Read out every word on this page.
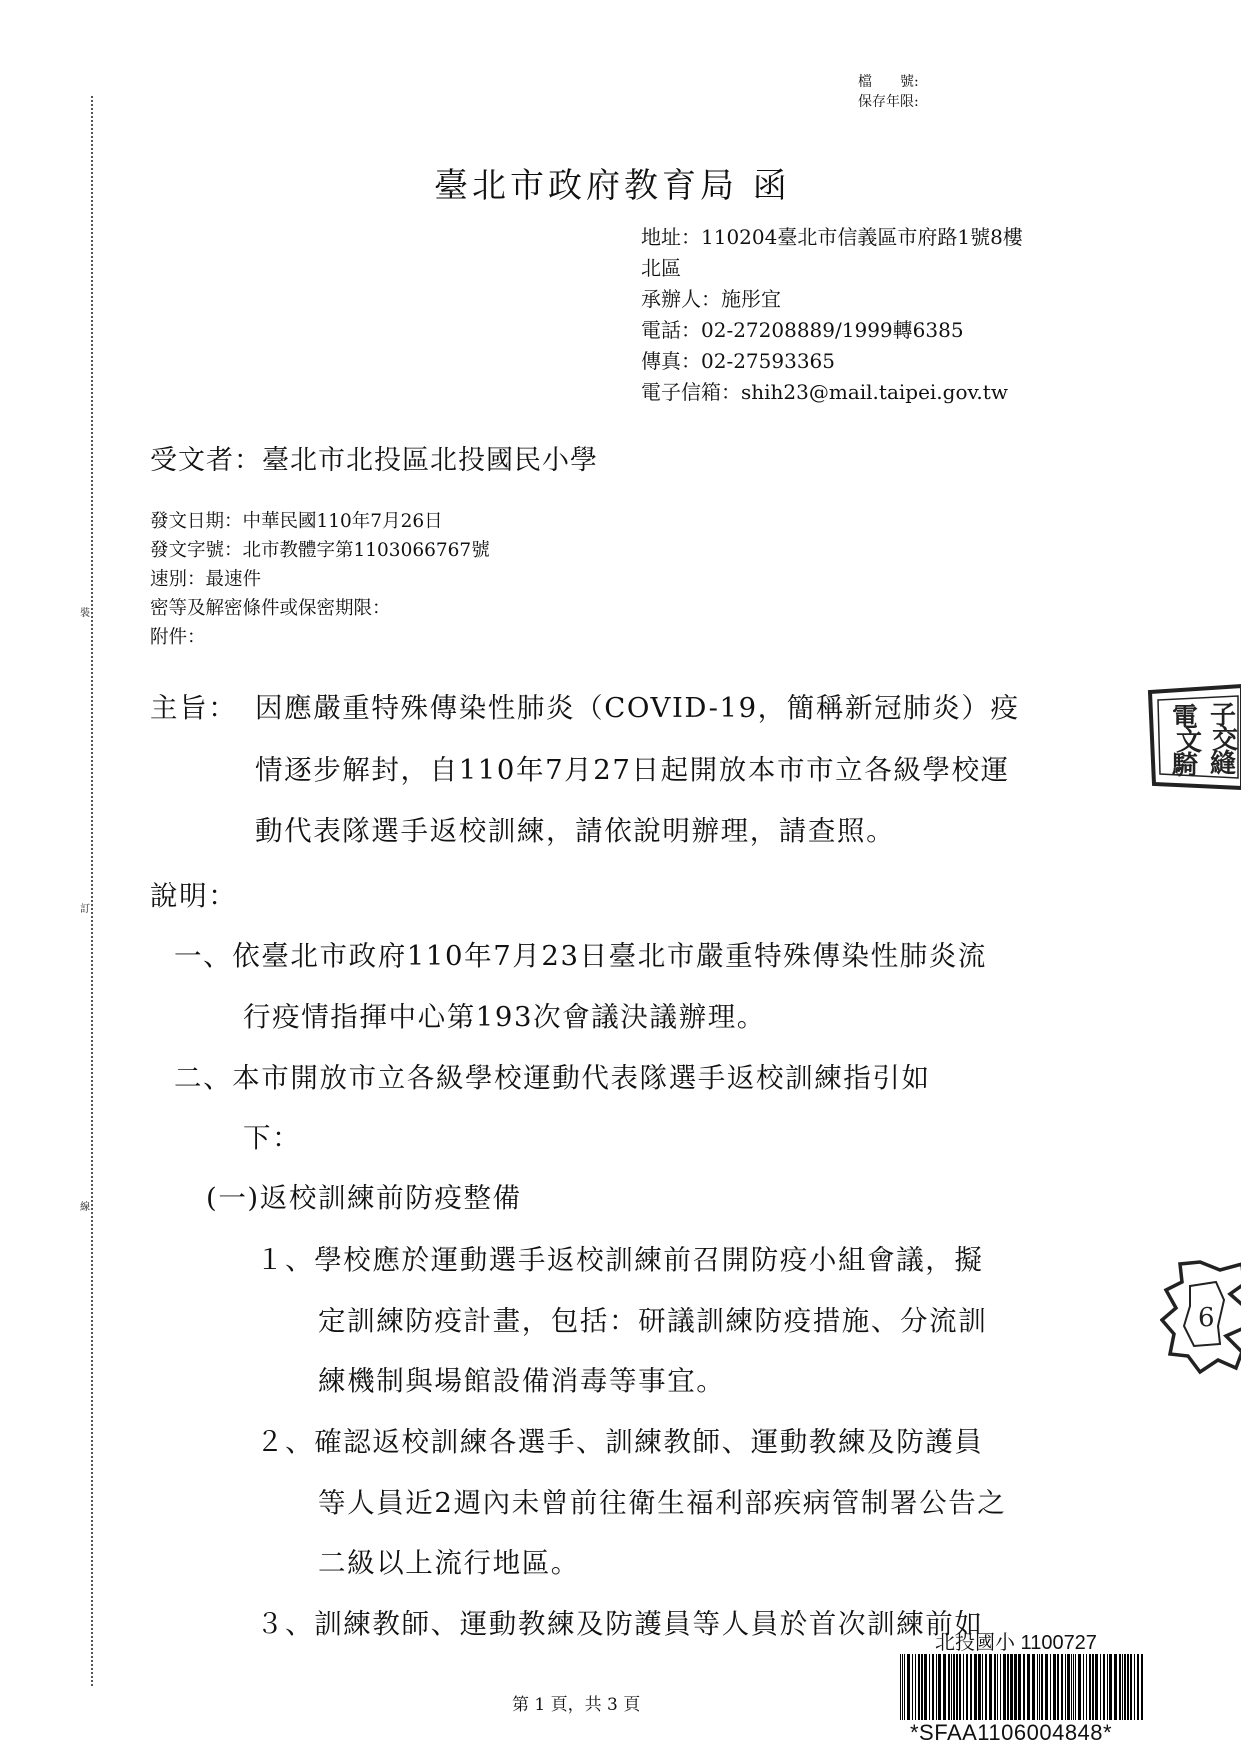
裝
訂
線
檔　　號:
保存年限:
臺北市政府教育局 函
地址：110204臺北市信義區市府路1號8樓
北區
承辦人：施彤宜
電話：02-27208889/1999轉6385
傳真：02-27593365
電子信箱：shih23@mail.taipei.gov.tw
受文者：臺北市北投區北投國民小學
發文日期：中華民國110年7月26日
發文字號：北市教體字第1103066767號
速別：最速件
密等及解密條件或保密期限：
附件：
主旨： 因應嚴重特殊傳染性肺炎（COVID-19，簡稱新冠肺炎）疫
情逐步解封，自110年7月27日起開放本市市立各級學校運
動代表隊選手返校訓練，請依說明辦理，請查照。
說明：
一、依臺北市政府110年7月23日臺北市嚴重特殊傳染性肺炎流
行疫情指揮中心第193次會議決議辦理。
二、本市開放市立各級學校運動代表隊選手返校訓練指引如
下：
(一)返校訓練前防疫整備
１、學校應於運動選手返校訓練前召開防疫小組會議，擬
定訓練防疫計畫，包括：研議訓練防疫措施、分流訓
練機制與場館設備消毒等事宜。
２、確認返校訓練各選手、訓練教師、運動教練及防護員
等人員近2週內未曾前往衛生福利部疾病管制署公告之
二級以上流行地區。
３、訓練教師、運動教練及防護員等人員於首次訓練前如
電 子
文 交
騎 縫
6
第 1 頁，共 3 頁
北投國小 1100727
*SFAA1106004848*
